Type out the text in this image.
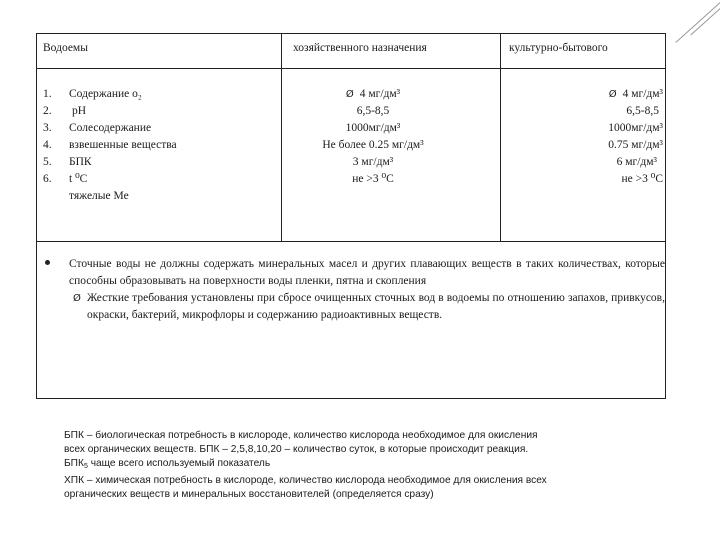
Водоемы	хозяйственного назначения	культурно-бытового
1.
2.
3.
4.
5.
6.
Содержание о₂
pH
Солесодержание
взвешенные вещества
БПК
t ⁰С
тяжелые Ме
Ø 4 мг/дм³
6,5-8,5
1000мг/дм³
Не более 0.25 мг/дм³
3 мг/дм³
не >3 ⁰С
Ø 4 мг/дм³
6,5-8,5
1000мг/дм³
0.75 мг/дм³
6 мг/дм³
не >3 ⁰С
Сточные воды не должны содержать минеральных масел и других плавающих веществ в таких количествах, которые способны образовывать на поверхности воды пленки, пятна и скопления
Ø Жесткие требования установлены при сбросе очищенных сточных вод в водоемы по отношению запахов, привкусов, окраски, бактерий, микрофлоры и содержанию радиоактивных веществ.
БПК – биологическая потребность в кислороде, количество кислорода необходимое для окисления
всех органических веществ. БПК – 2,5,8,10,20 – количество суток, в которые происходит реакция.
$БПК_5$ чаще всего используемый показатель
ХПК – химическая потребность в кислороде, количество кислорода необходимое для окисления всех
органических веществ и минеральных восстановителей (определяется сразу)
